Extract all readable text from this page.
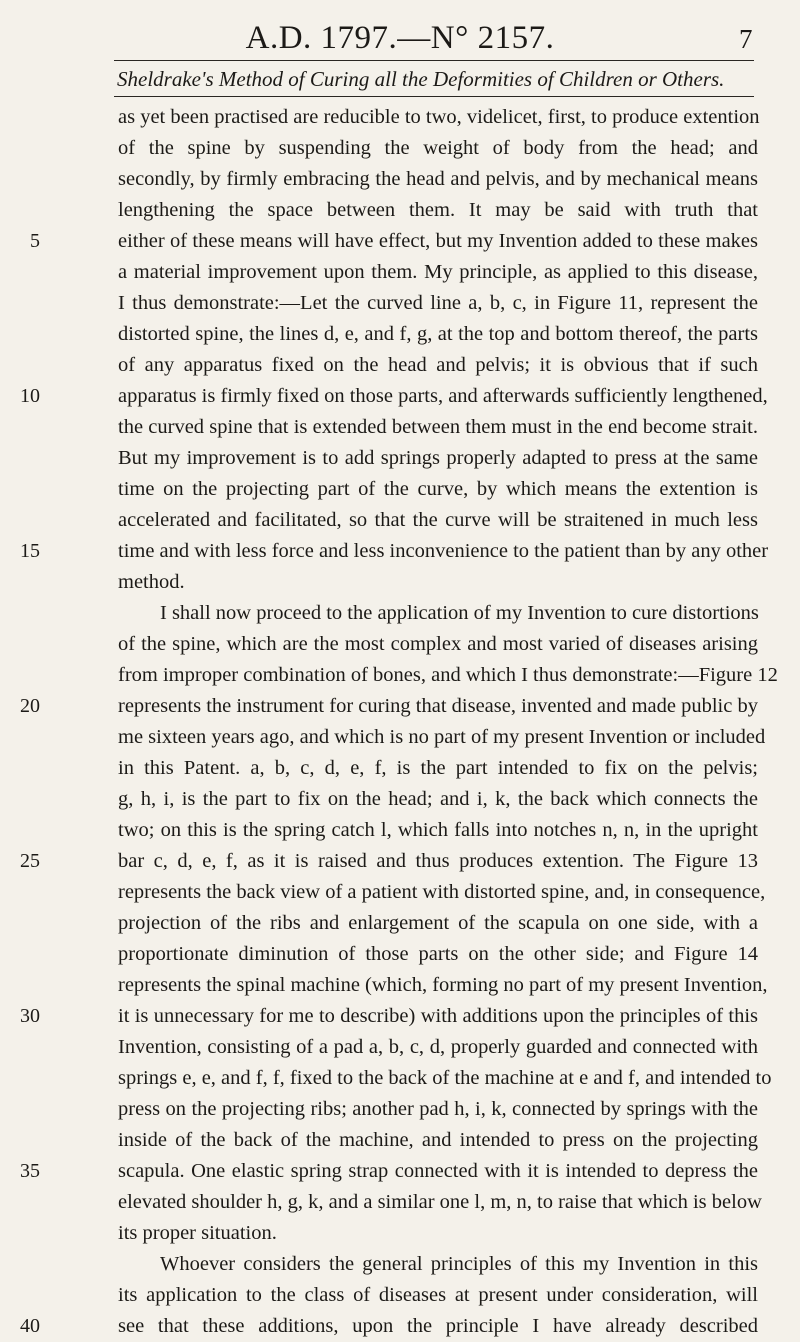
A.D. 1797.—N° 2157.	7
Sheldrake's Method of Curing all the Deformities of Children or Others.
as yet been practised are reducible to two, videlicet, first, to produce extention
of the spine by suspending the weight of body from the head; and
secondly, by firmly embracing the head and pelvis, and by mechanical means
lengthening the space between them. It may be said with truth that
either of these means will have effect, but my Invention added to these makes
a material improvement upon them. My principle, as applied to this disease,
I thus demonstrate:—Let the curved line a, b, c, in Figure 11, represent the
distorted spine, the lines d, e, and f, g, at the top and bottom thereof, the parts
of any apparatus fixed on the head and pelvis; it is obvious that if such
apparatus is firmly fixed on those parts, and afterwards sufficiently lengthened,
the curved spine that is extended between them must in the end become strait.
But my improvement is to add springs properly adapted to press at the same
time on the projecting part of the curve, by which means the extention is
accelerated and facilitated, so that the curve will be straitened in much less
time and with less force and less inconvenience to the patient than by any other
method.
I shall now proceed to the application of my Invention to cure distortions
of the spine, which are the most complex and most varied of diseases arising
from improper combination of bones, and which I thus demonstrate:—Figure 12
represents the instrument for curing that disease, invented and made public by
me sixteen years ago, and which is no part of my present Invention or included
in this Patent. a, b, c, d, e, f, is the part intended to fix on the pelvis;
g, h, i, is the part to fix on the head; and i, k, the back which connects the
two; on this is the spring catch l, which falls into notches n, n, in the upright
bar c, d, e, f, as it is raised and thus produces extention. The Figure 13
represents the back view of a patient with distorted spine, and, in consequence,
projection of the ribs and enlargement of the scapula on one side, with a
proportionate diminution of those parts on the other side; and Figure 14
represents the spinal machine (which, forming no part of my present Invention,
it is unnecessary for me to describe) with additions upon the principles of this
Invention, consisting of a pad a, b, c, d, properly guarded and connected with
springs e, e, and f, f, fixed to the back of the machine at e and f, and intended to
press on the projecting ribs; another pad h, i, k, connected by springs with the
inside of the back of the machine, and intended to press on the projecting
scapula. One elastic spring strap connected with it is intended to depress the
elevated shoulder h, g, k, and a similar one l, m, n, to raise that which is below
its proper situation.
Whoever considers the general principles of this my Invention in this
its application to the class of diseases at present under consideration, will
see that these additions, upon the principle I have already described
5
10
15
20
25
30
35
40
